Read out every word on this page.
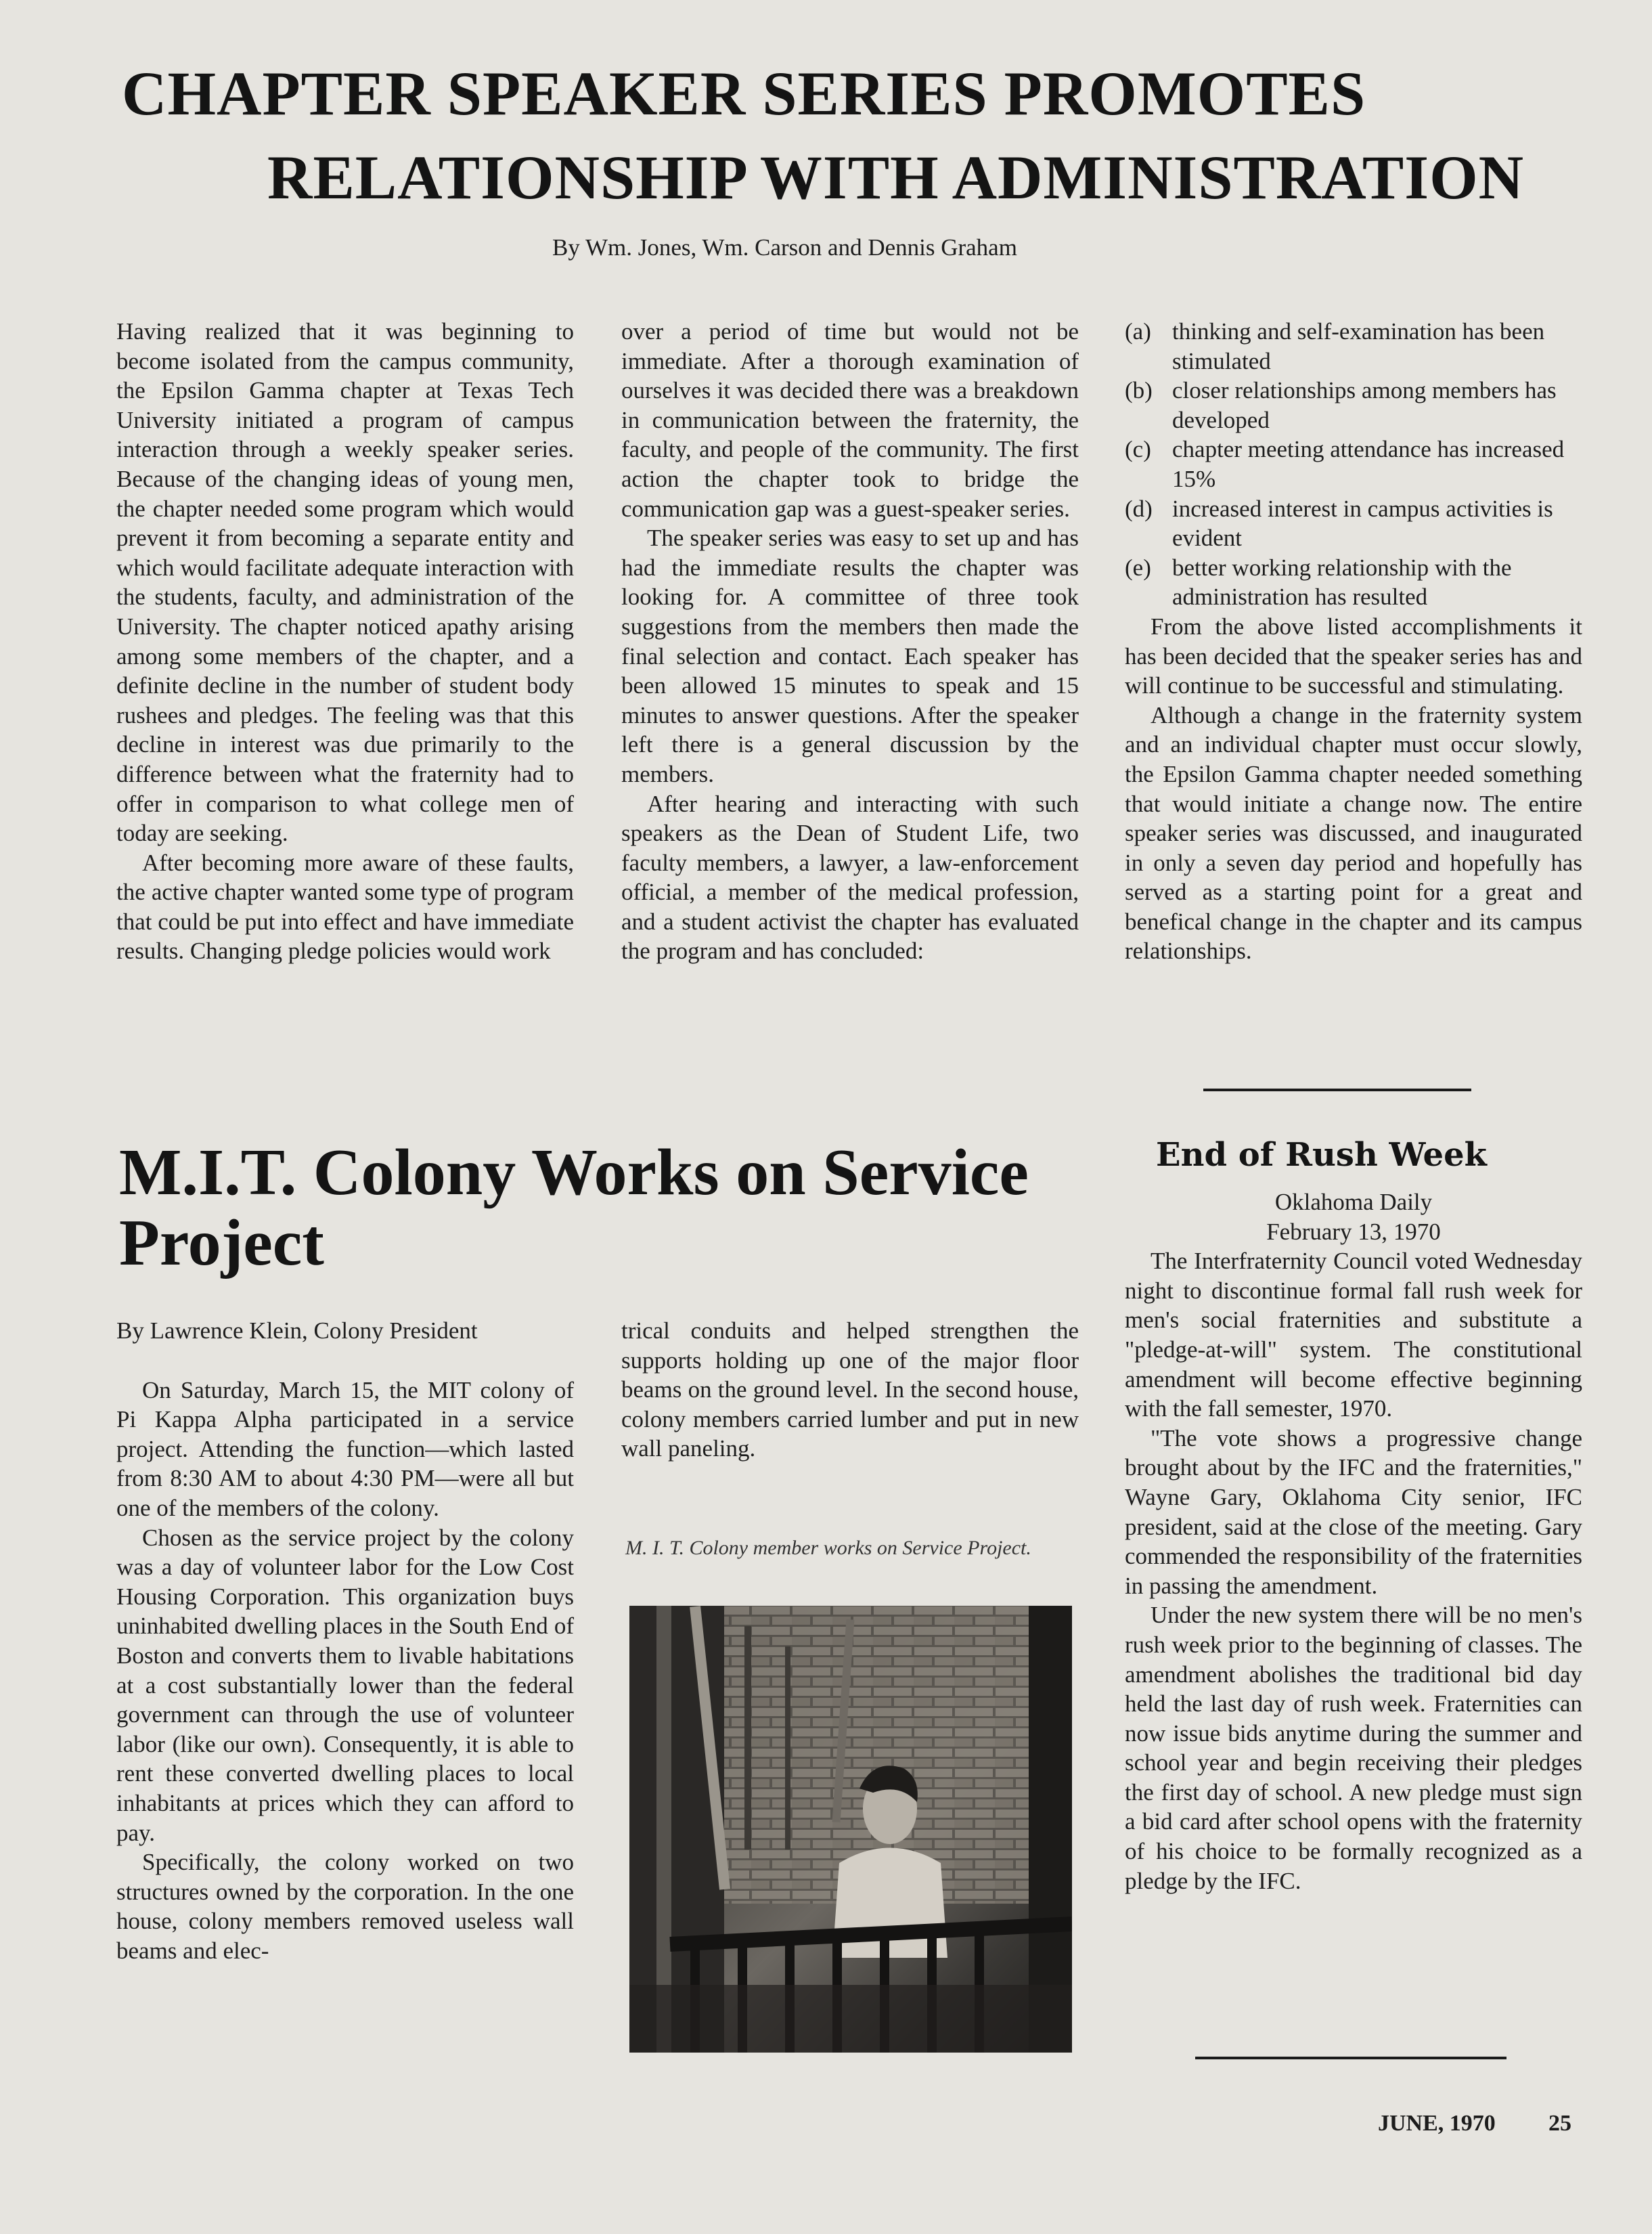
CHAPTER SPEAKER SERIES PROMOTES
RELATIONSHIP WITH ADMINISTRATION
By Wm. Jones, Wm. Carson and Dennis Graham

Having realized that it was beginning to become isolated from the campus community, the Epsilon Gamma chapter at Texas Tech University initiated a program of campus interaction through a weekly speaker series. Because of the changing ideas of young men, the chapter needed some program which would prevent it from becoming a separate entity and which would facilitate adequate interaction with the students, faculty, and administration of the University. The chapter noticed apathy arising among some members of the chapter, and a definite decline in the number of student body rushees and pledges. The feeling was that this decline in interest was due primarily to the difference between what the fraternity had to offer in comparison to what college men of today are seeking.

After becoming more aware of these faults, the active chapter wanted some type of program that could be put into effect and have immediate results. Changing pledge policies would work

over a period of time but would not be immediate. After a thorough examination of ourselves it was decided there was a breakdown in communication between the fraternity, the faculty, and people of the community. The first action the chapter took to bridge the communication gap was a guest-speaker series.

The speaker series was easy to set up and has had the immediate results the chapter was looking for. A committee of three took suggestions from the members then made the final selection and contact. Each speaker has been allowed 15 minutes to speak and 15 minutes to answer questions. After the speaker left there is a general discussion by the members.

After hearing and interacting with such speakers as the Dean of Student Life, two faculty members, a lawyer, a law-enforcement official, a member of the medical profession, and a student activist the chapter has evaluated the program and has concluded:

(a) thinking and self-examination has been stimulated
(b) closer relationships among members has developed
(c) chapter meeting attendance has increased 15%
(d) increased interest in campus activities is evident
(e) better working relationship with the administration has resulted

From the above listed accomplishments it has been decided that the speaker series has and will continue to be successful and stimulating.

Although a change in the fraternity system and an individual chapter must occur slowly, the Epsilon Gamma chapter needed something that would initiate a change now. The entire speaker series was discussed, and inaugurated in only a seven day period and hopefully has served as a starting point for a great and benefical change in the chapter and its campus relationships.

M.I.T. Colony Works on Service
Project

By Lawrence Klein, Colony President

On Saturday, March 15, the MIT colony of Pi Kappa Alpha participated in a service project. Attending the function—which lasted from 8:30 AM to about 4:30 PM—were all but one of the members of the colony.

Chosen as the service project by the colony was a day of volunteer labor for the Low Cost Housing Corporation. This organization buys uninhabited dwelling places in the South End of Boston and converts them to livable habitations at a cost substantially lower than the federal government can through the use of volunteer labor (like our own). Consequently, it is able to rent these converted dwelling places to local inhabitants at prices which they can afford to pay.

Specifically, the colony worked on two structures owned by the corporation. In the one house, colony members removed useless wall beams and elec-

trical conduits and helped strengthen the supports holding up one of the major floor beams on the ground level. In the second house, colony members carried lumber and put in new wall paneling.

M. I. T. Colony member works on Service Project.
End of Rush Week

Oklahoma Daily

February 13, 1970

The Interfraternity Council voted Wednesday night to discontinue formal fall rush week for men's social fraternities and substitute a "pledge-at-will" system. The constitutional amendment will become effective beginning with the fall semester, 1970.

"The vote shows a progressive change brought about by the IFC and the fraternities," Wayne Gary, Oklahoma City senior, IFC president, said at the close of the meeting. Gary commended the responsibility of the fraternities in passing the amendment.

Under the new system there will be no men's rush week prior to the beginning of classes. The amendment abolishes the traditional bid day held the last day of rush week. Fraternities can now issue bids anytime during the summer and school year and begin receiving their pledges the first day of school. A new pledge must sign a bid card after school opens with the fraternity of his choice to be formally recognized as a pledge by the IFC.

JUNE, 1970 25
